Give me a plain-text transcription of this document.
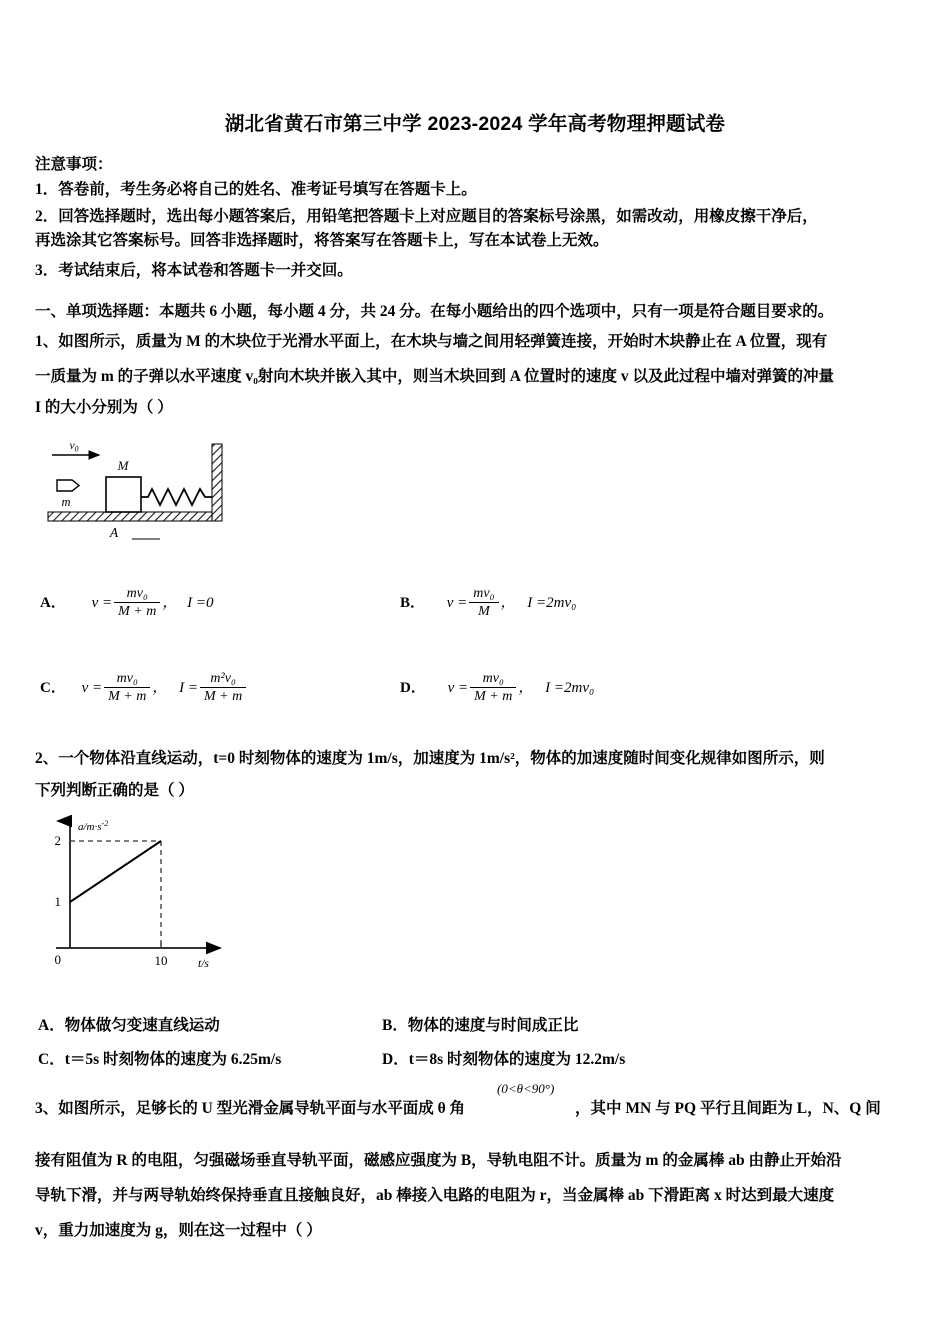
湖北省黄石市第三中学 2023-2024 学年高考物理押题试卷
注意事项：
1．答卷前，考生务必将自己的姓名、准考证号填写在答题卡上。
2．回答选择题时，选出每小题答案后，用铅笔把答题卡上对应题目的答案标号涂黑，如需改动，用橡皮擦干净后，
再选涂其它答案标号。回答非选择题时，将答案写在答题卡上，写在本试卷上无效。
3．考试结束后，将本试卷和答题卡一并交回。
一、单项选择题：本题共 6 小题，每小题 4 分，共 24 分。在每小题给出的四个选项中，只有一项是符合题目要求的。
1、如图所示，质量为 M 的木块位于光滑水平面上，在木块与墙之间用轻弹簧连接，开始时木块静止在 A 位置，现有
一质量为 m 的子弹以水平速度 v₀射向木块并嵌入其中，则当木块回到 A 位置时的速度 v 以及此过程中墙对弹簧的冲量
I 的大小分别为（ ）
$v_0$
m
M
A
A． $v = \frac{\text{mv₀}}{M + m}$ ， I =0	B． $v = \frac{\text{mv₀}}{M}$ ， I =2mv₀
C． $v = \frac{\text{mv₀}}{M + m}$ ， $I = \frac{\text{m²v₀}}{M + m}$	D． $v = \frac{\text{mv₀}}{M + m}$ ， I =2mv₀
2、一个物体沿直线运动，t=0 时刻物体的速度为 1m/s，加速度为 1m/s²，物体的加速度随时间变化规律如图所示，则
下列判断正确的是（ ）
$a/m\cdot s^{-2}$
t/s
2
1
0	10
A．物体做匀变速直线运动	B．物体的速度与时间成正比
C．t＝5s 时刻物体的速度为 6.25m/s	D．t＝8s 时刻物体的速度为 12.2m/s
3、如图所示，足够长的 U 型光滑金属导轨平面与水平面成 θ 角	，其中 MN 与 PQ 平行且间距为 L，N、Q 间
(0<θ<90°)
接有阻值为 R 的电阻，匀强磁场垂直导轨平面，磁感应强度为 B，导轨电阻不计。质量为 m 的金属棒 ab 由静止开始沿
导轨下滑，并与两导轨始终保持垂直且接触良好，ab 棒接入电路的电阻为 r，当金属棒 ab 下滑距离 x 时达到最大速度
v，重力加速度为 g，则在这一过程中（ ）
